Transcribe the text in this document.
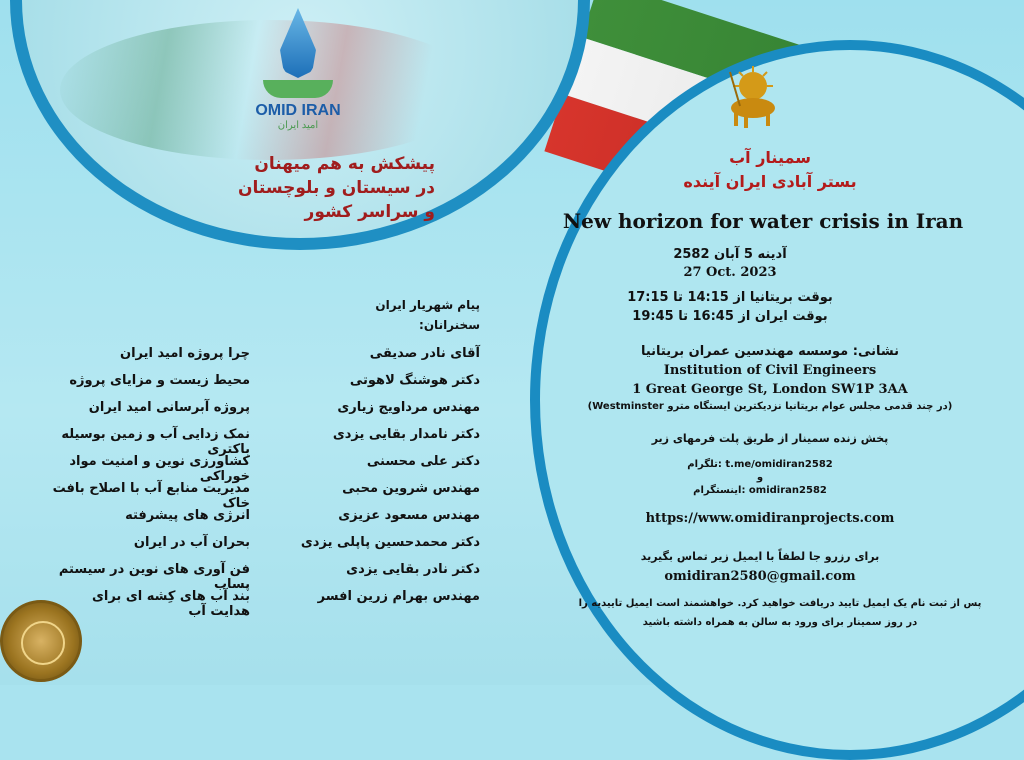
OMID IRAN
امید ایران
پیشکش به هم میهنان
در سیستان و بلوچستان
و سراسر کشور
سمینار آب
بستر آبادی ایران آینده
New horizon for water crisis in Iran
آدینه 5 آبان 2582
27 Oct. 2023
بوقت بریتانیا از 14:15 تا 17:15
بوقت ایران از 16:45 تا 19:45
نشانی: موسسه مهندسین عمران بریتانیا
Institution of Civil Engineers
1 Great George St, London SW1P 3AA
(در چند قدمی مجلس عوام بریتانیا نزدیکترین ایستگاه مترو Westminster)
پخش زنده سمینار از طریق پلت فرمهای زیر
t.me/omidiran2582 :تلگرام
و
omidiran2582 :اینستگرام
https://www.omidiranprojects.com
برای رزرو جا لطفاً با ایمیل زیر تماس بگیرید
omidiran2580@gmail.com
پس از ثبت نام یک ایمیل تایید دریافت خواهید کرد. خواهشمند است ایمیل تاییدیه را
در روز سمینار برای ورود به سالن به همراه داشته باشید
پیام شهریار ایران
سخنرانان:
آقای نادر صدیقی
چرا پروژه امید ایران
دکتر هوشنگ لاهوتی
محیط زیست و مزایای پروژه
مهندس مرداویج زیاری
پروژه آبرسانی امید ایران
دکتر نامدار بقایی یزدی
نمک زدایی آب و زمین بوسیله باکتری
دکتر علی محسنی
کشاورزی نوین و امنیت مواد خوراکی
مهندس شروین محبی
مدیریت منابع آب با اصلاح بافت خاک
مهندس مسعود عزیزی
انرژی های پیشرفته
دکتر محمدحسین پاپلی یزدی
بحران آب در ایران
دکتر نادر بقایی یزدی
فن آوری های نوین در سیستم پساب
مهندس بهرام زرین افسر
بند آب های کِشه ای برای هدایت آب
